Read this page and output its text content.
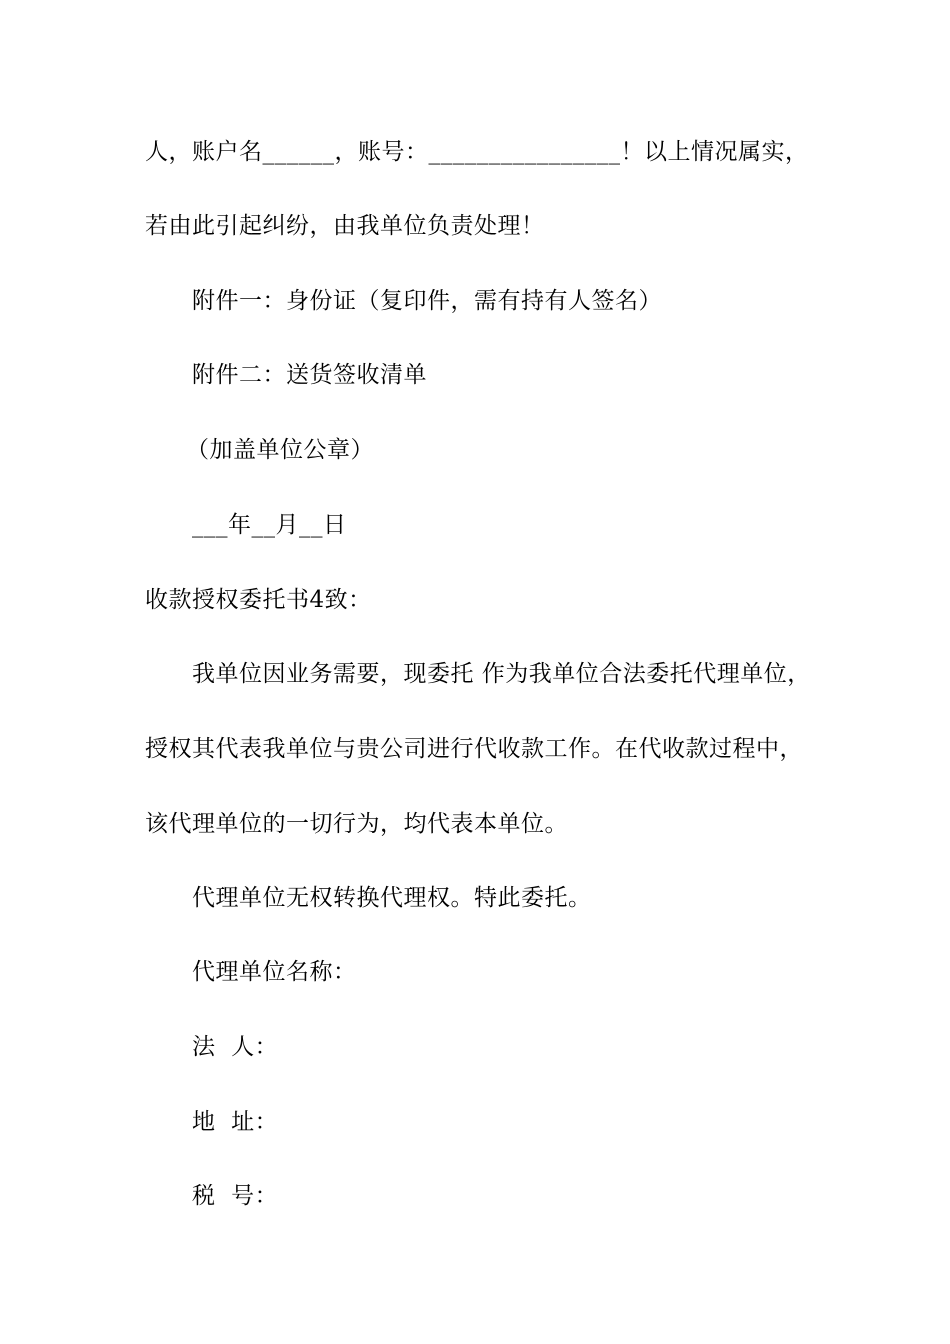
人，账户名______，账号：________________！以上情况属实，
若由此引起纠纷，由我单位负责处理！
附件一：身份证（复印件，需有持有人签名）
附件二：送货签收清单
（加盖单位公章）
___年__月__日
收款授权委托书4致：
我单位因业务需要，现委托 作为我单位合法委托代理单位，
授权其代表我单位与贵公司进行代收款工作。在代收款过程中，
该代理单位的一切行为，均代表本单位。
代理单位无权转换代理权。特此委托。
代理单位名称：
法  人：
地  址：
税  号：
